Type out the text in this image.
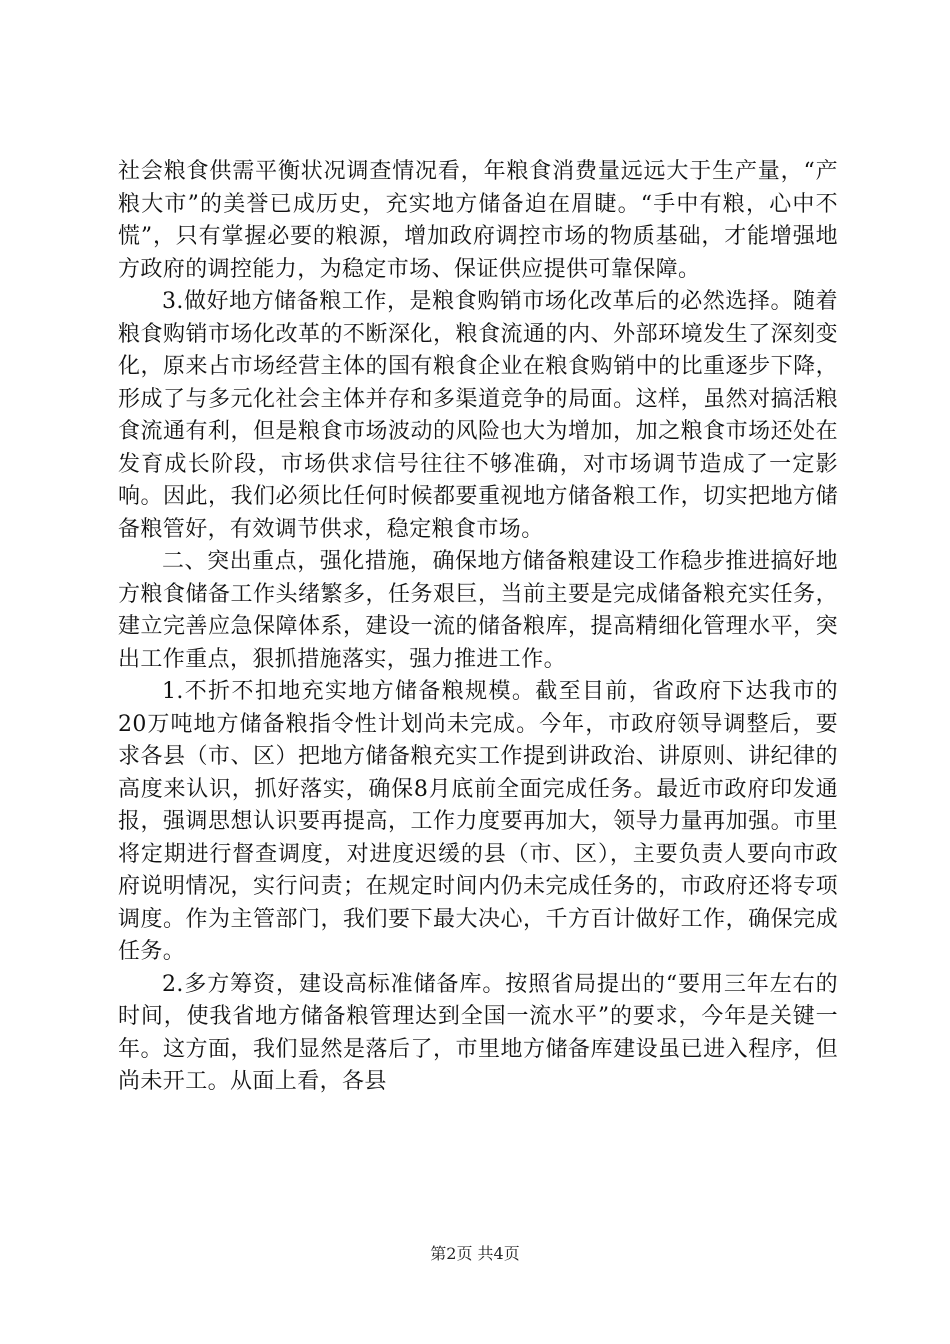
社会粮食供需平衡状况调查情况看，年粮食消费量远远大于生产量，“产粮大市”的美誉已成历史，充实地方储备迫在眉睫。“手中有粮，心中不慌”，只有掌握必要的粮源，增加政府调控市场的物质基础，才能增强地方政府的调控能力，为稳定市场、保证供应提供可靠保障。

3.做好地方储备粮工作，是粮食购销市场化改革后的必然选择。随着粮食购销市场化改革的不断深化，粮食流通的内、外部环境发生了深刻变化，原来占市场经营主体的国有粮食企业在粮食购销中的比重逐步下降，形成了与多元化社会主体并存和多渠道竞争的局面。这样，虽然对搞活粮食流通有利，但是粮食市场波动的风险也大为增加，加之粮食市场还处在发育成长阶段，市场供求信号往往不够准确，对市场调节造成了一定影响。因此，我们必须比任何时候都要重视地方储备粮工作，切实把地方储备粮管好，有效调节供求，稳定粮食市场。

二、突出重点，强化措施，确保地方储备粮建设工作稳步推进搞好地方粮食储备工作头绪繁多，任务艰巨，当前主要是完成储备粮充实任务，建立完善应急保障体系，建设一流的储备粮库，提高精细化管理水平，突出工作重点，狠抓措施落实，强力推进工作。

1.不折不扣地充实地方储备粮规模。截至目前，省政府下达我市的20万吨地方储备粮指令性计划尚未完成。今年，市政府领导调整后，要求各县（市、区）把地方储备粮充实工作提到讲政治、讲原则、讲纪律的高度来认识，抓好落实，确保8月底前全面完成任务。最近市政府印发通报，强调思想认识要再提高，工作力度要再加大，领导力量再加强。市里将定期进行督查调度，对进度迟缓的县（市、区），主要负责人要向市政府说明情况，实行问责；在规定时间内仍未完成任务的，市政府还将专项调度。作为主管部门，我们要下最大决心，千方百计做好工作，确保完成任务。

2.多方筹资，建设高标准储备库。按照省局提出的“要用三年左右的时间，使我省地方储备粮管理达到全国一流水平”的要求，今年是关键一年。这方面，我们显然是落后了，市里地方储备库建设虽已进入程序，但尚未开工。从面上看，各县

第2页 共4页
